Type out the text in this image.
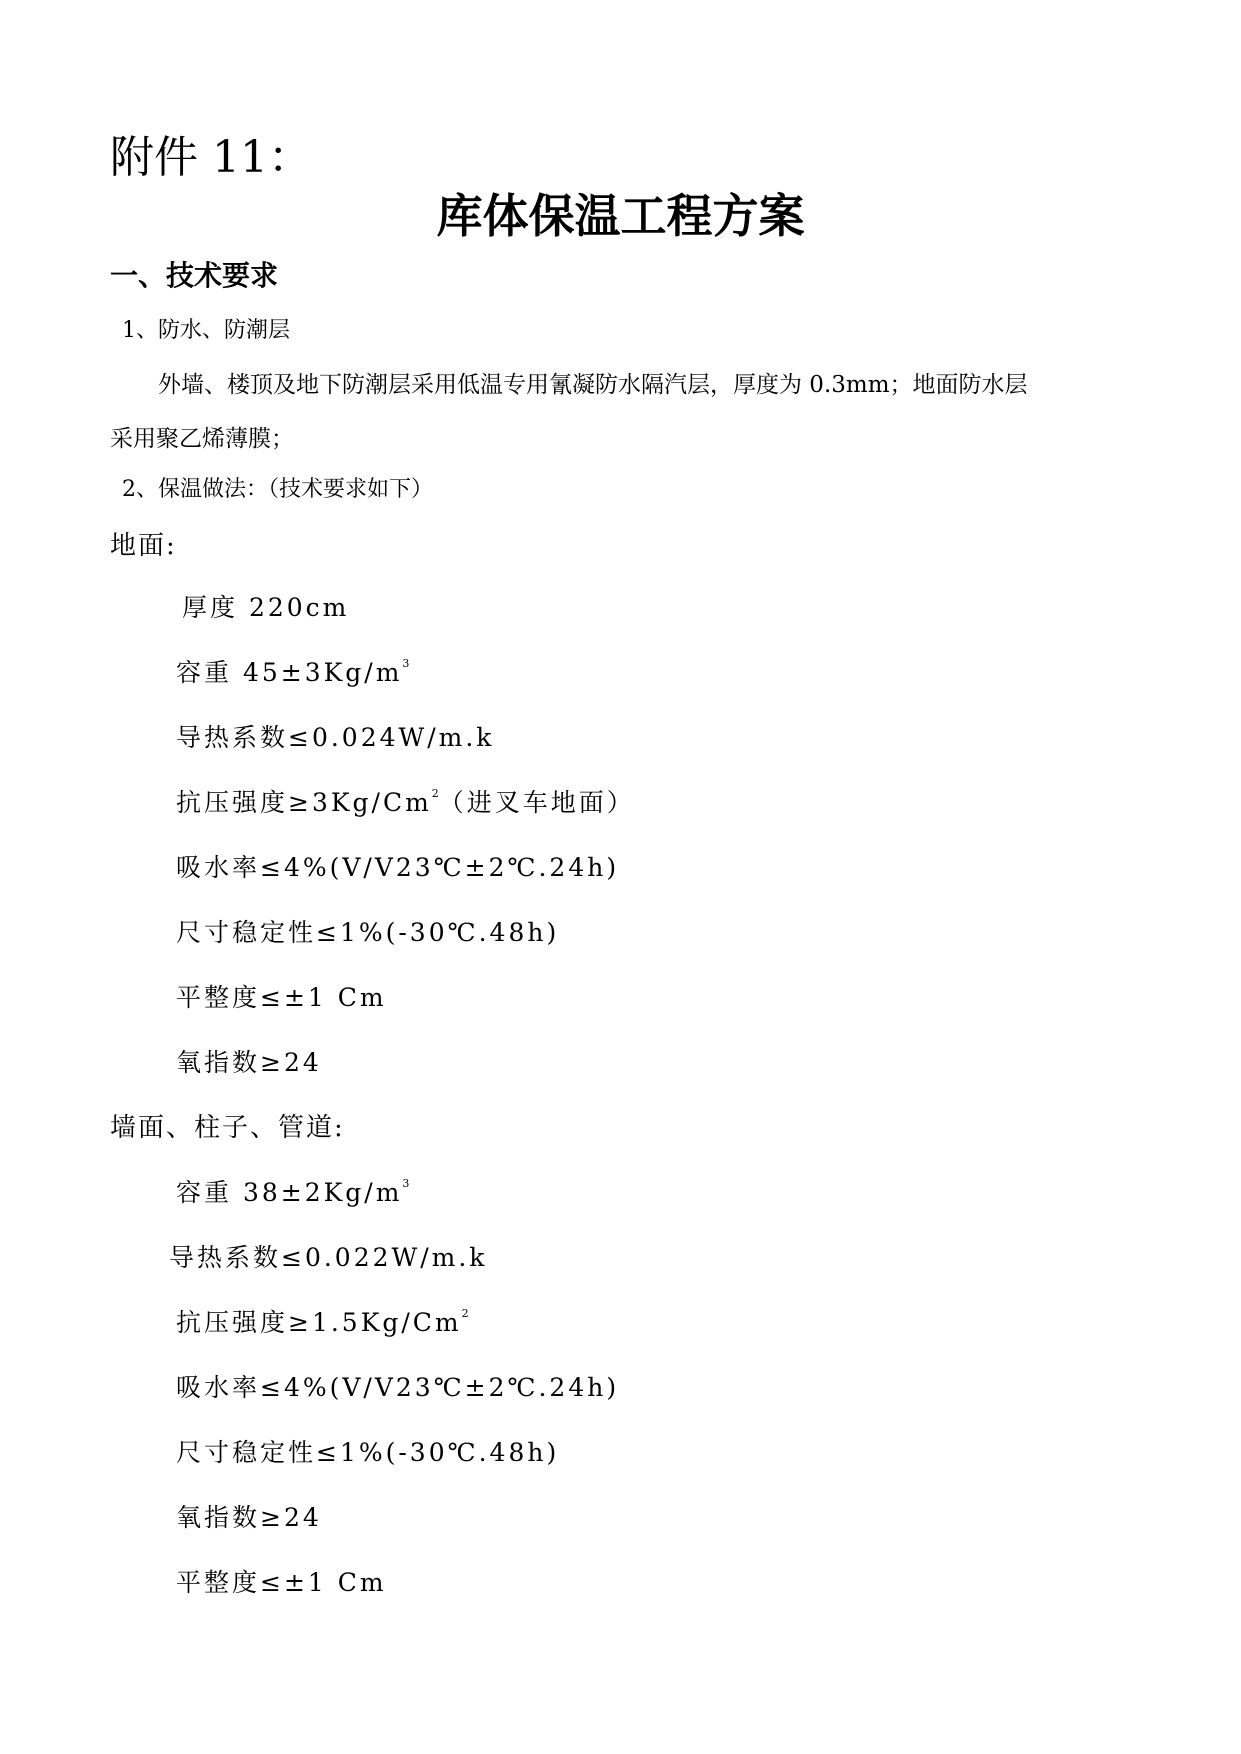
附件 11：
库体保温工程方案
一、技术要求
1、防水、防潮层
外墙、楼顶及地下防潮层采用低温专用氰凝防水隔汽层，厚度为 0.3mm；地面防水层
采用聚乙烯薄膜；
2、保温做法：（技术要求如下）
地面:
厚度 220cm
容重 $45\pm 3Kg/m^3$
导热系数≤0.024W/m.k
抗压强度$\ge 3Kg/Cm^2$（进叉车地面）
吸水率≤4%(V/V23℃±2℃.24h)
尺寸稳定性≤1%(-30℃.48h)
平整度≤±1 Cm
氧指数≥24
墙面、柱子、管道:
容重 $38\pm 2Kg/m^3$
导热系数≤0.022W/m.k
抗压强度$\ge 1.5Kg/Cm^2$
吸水率≤4%(V/V23℃±2℃.24h)
尺寸稳定性≤1%(-30℃.48h)
氧指数≥24
平整度≤±1 Cm
